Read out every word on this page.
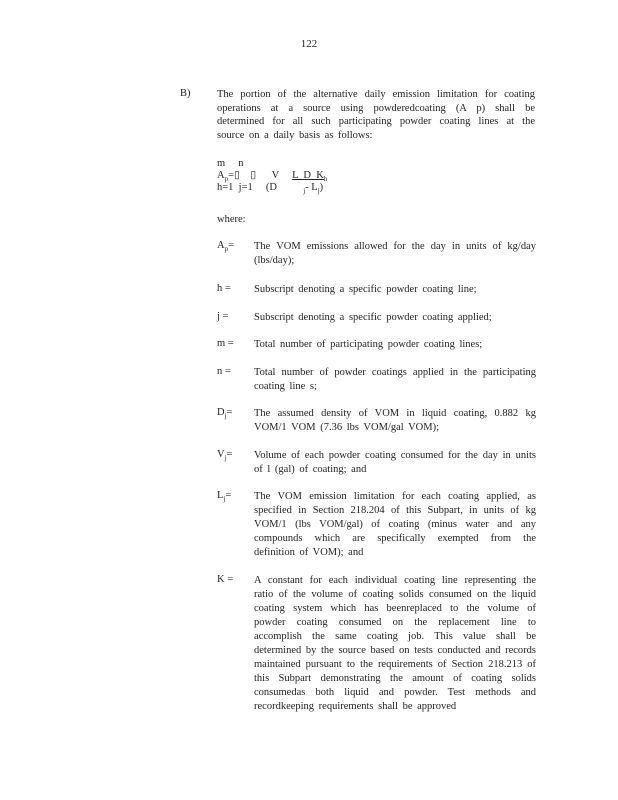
122
B)	The portion of the alternative daily emission limitation for coating operations at a source using powderedcoating (A p) shall be determined for all such participating powder coating lines at the source on a daily basis as follows:
m     n
$A_p=▯$    ▯      V     L  D  $K_h$
h=1  j=1     (D          $_j$- $L_j$)
where:
$A_p=$	The VOM emissions allowed for the day in units of kg/day (lbs/day);
h =	Subscript denoting a specific powder coating line;
j =	Subscript denoting a specific powder coating applied;
m =	Total number of participating powder coating lines;
n =	Total number of powder coatings applied in the participating coating line s;
$D_j=$	The assumed density of VOM in liquid coating, 0.882 kg VOM/1 VOM (7.36 lbs VOM/gal VOM);
$V_j=$	Volume of each powder coating consumed for the day in units of l (gal) of coating; and
$L_j=$	The VOM emission limitation for each coating applied, as specified in Section 218.204 of this Subpart, in units of kg VOM/1 (lbs VOM/gal) of coating (minus water and any compounds which are specifically exempted from the definition of VOM); and
K =	A constant for each individual coating line representing the ratio of the volume of coating solids consumed on the liquid coating system which has beenreplaced to the volume of powder coating consumed on the replacement line to accomplish the same coating job. This value shall be determined by the source based on tests conducted and records maintained pursuant to the requirements of Section 218.213 of this Subpart demonstrating the amount of coating solids consumedas both liquid and powder. Test methods and recordkeeping requirements shall be approved
